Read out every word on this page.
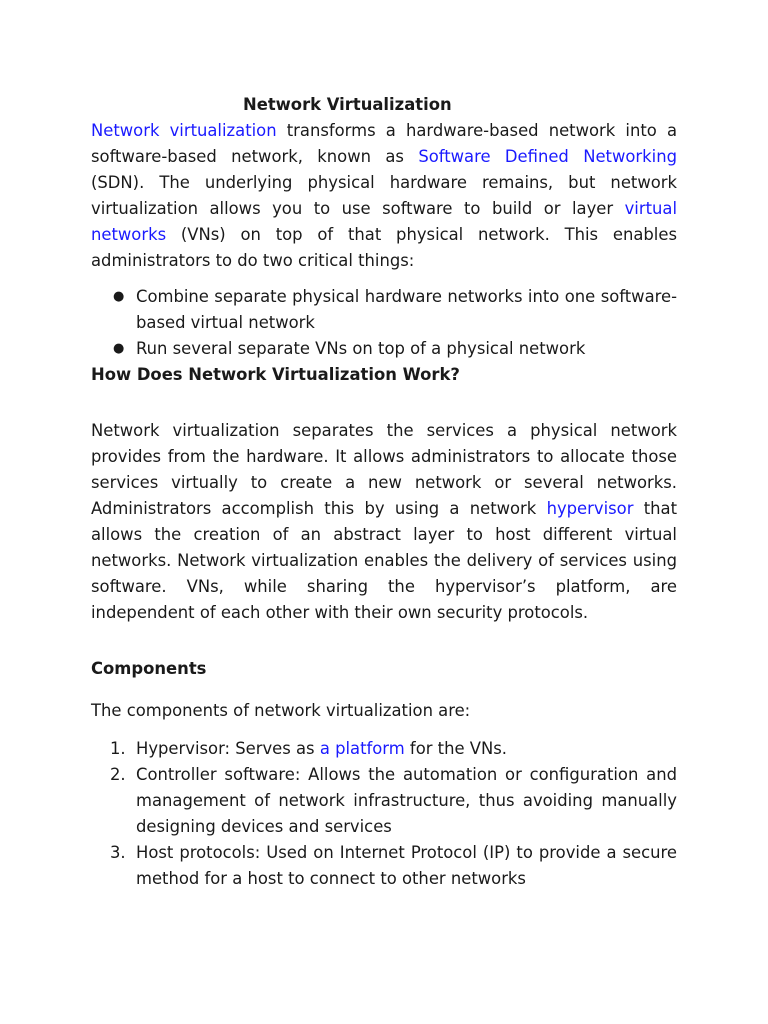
Network Virtualization

Network virtualization transforms a hardware-based network into a software-based network, known as Software Defined Networking (SDN). The underlying physical hardware remains, but network virtualization allows you to use software to build or layer virtual networks (VNs) on top of that physical network. This enables administrators to do two critical things:

● Combine separate physical hardware networks into one software-based virtual network
● Run several separate VNs on top of a physical network
How Does Network Virtualization Work?

Network virtualization separates the services a physical network provides from the hardware. It allows administrators to allocate those services virtually to create a new network or several networks. Administrators accomplish this by using a network hypervisor that allows the creation of an abstract layer to host different virtual networks. Network virtualization enables the delivery of services using software. VNs, while sharing the hypervisor’s platform, are independent of each other with their own security protocols.

Components

The components of network virtualization are:

1. Hypervisor: Serves as a platform for the VNs.
2. Controller software: Allows the automation or configuration and management of network infrastructure, thus avoiding manually designing devices and services
3. Host protocols: Used on Internet Protocol (IP) to provide a secure method for a host to connect to other networks
